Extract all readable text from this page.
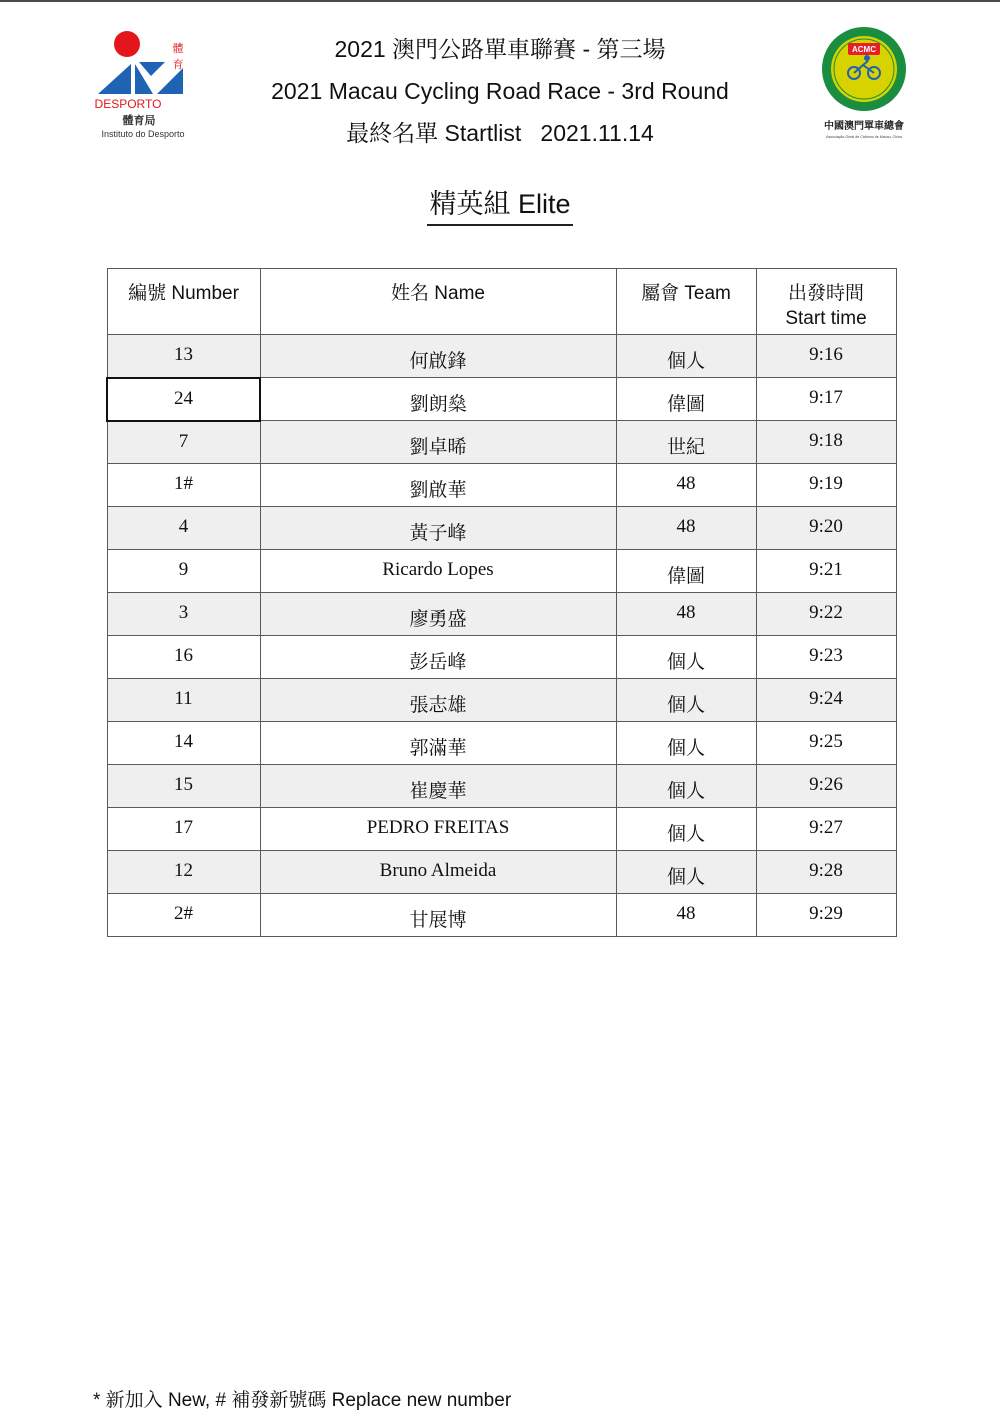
體
育
DESPORTO
體育局
Instituto do Desporto
2021 澳門公路單車聯賽 - 第三場
2021 Macau Cycling Road Race - 3rd Round
最終名單 Startlist   2021.11.14
ACMC
中國澳門單車總會
Associação Geral de Ciclismo de Macau, China
精英組 Elite
編號 Number	姓名 Name	屬會 Team	出發時間
Start time

13	何啟鋒	個人	9:16
24	劉朗燊	偉圖	9:17
7	劉卓晞	世紀	9:18
1#	劉啟華	48	9:19
4	黃子峰	48	9:20
9	Ricardo Lopes	偉圖	9:21
3	廖勇盛	48	9:22
16	彭岳峰	個人	9:23
11	張志雄	個人	9:24
14	郭滿華	個人	9:25
15	崔慶華	個人	9:26
17	PEDRO FREITAS	個人	9:27
12	Bruno Almeida	個人	9:28
2#	甘展博	48	9:29
* 新加入 New, # 補發新號碼 Replace new number
